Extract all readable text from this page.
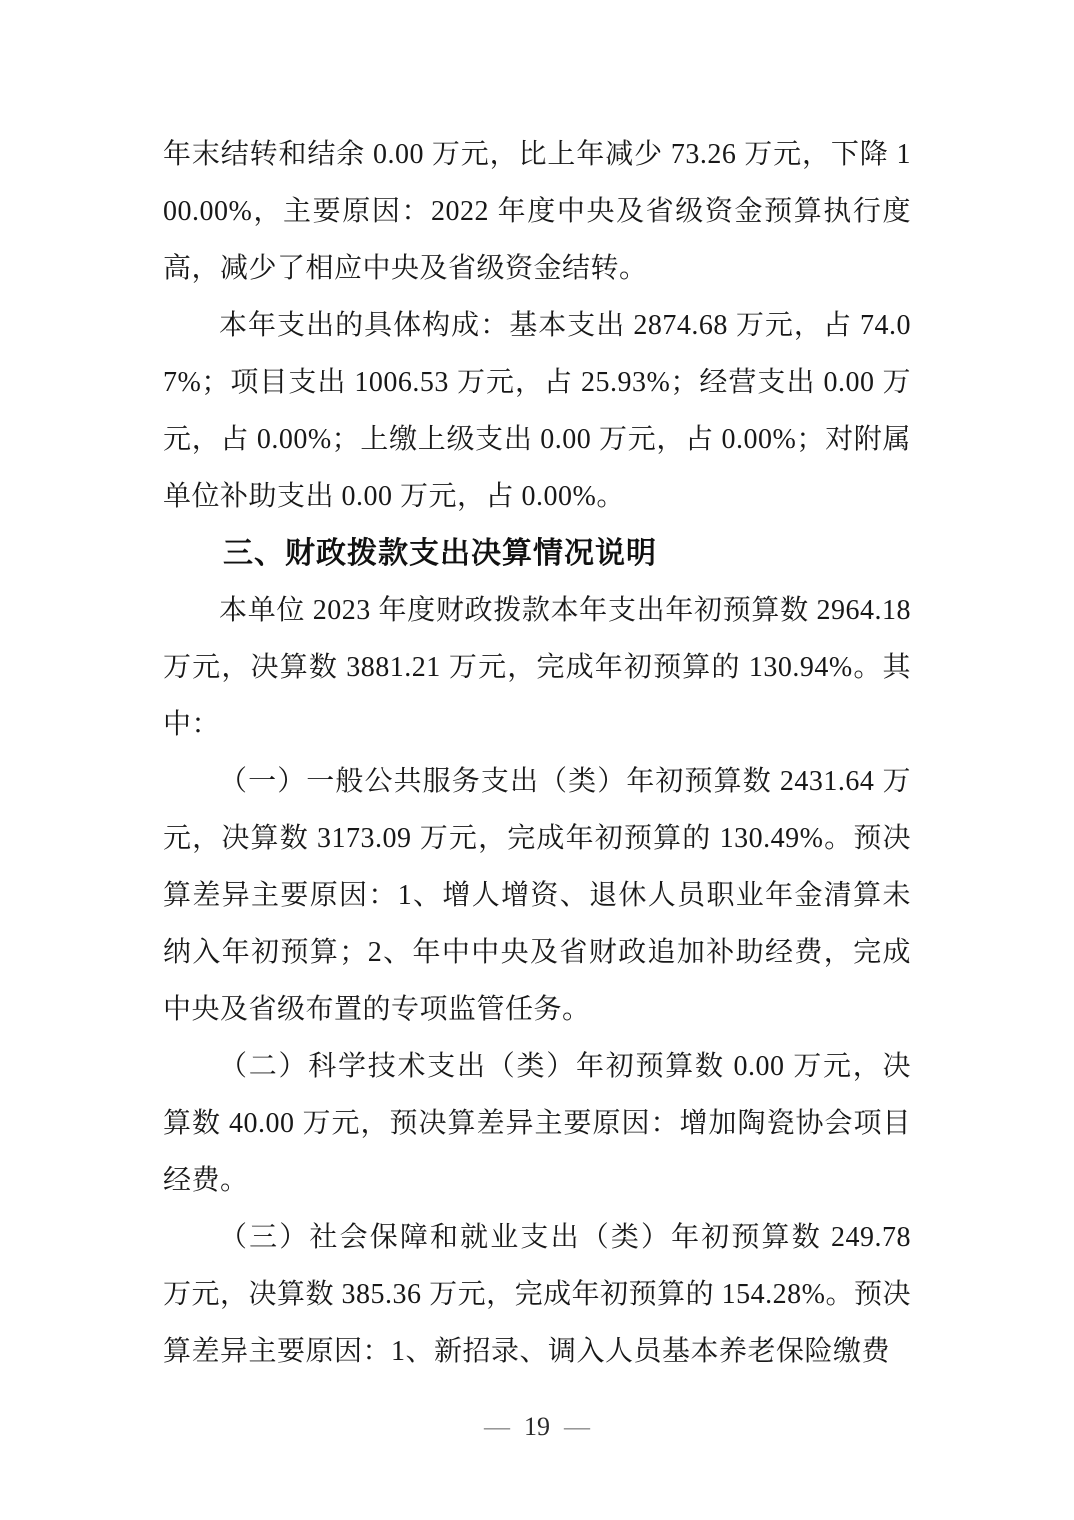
年末结转和结余 0.00 万元，比上年减少 73.26 万元，下降 100.00%，主要原因：2022 年度中央及省级资金预算执行度高，减少了相应中央及省级资金结转。

本年支出的具体构成：基本支出 2874.68 万元，占 74.07%；项目支出 1006.53 万元，占 25.93%；经营支出 0.00 万元，占 0.00%；上缴上级支出 0.00 万元，占 0.00%；对附属单位补助支出 0.00 万元，占 0.00%。

三、财政拨款支出决算情况说明

本单位 2023 年度财政拨款本年支出年初预算数 2964.18 万元，决算数 3881.21 万元，完成年初预算的 130.94%。其中：

（一）一般公共服务支出（类）年初预算数 2431.64 万元，决算数 3173.09 万元，完成年初预算的 130.49%。预决算差异主要原因：1、增人增资、退休人员职业年金清算未纳入年初预算；2、年中中央及省财政追加补助经费，完成中央及省级布置的专项监管任务。

（二）科学技术支出（类）年初预算数 0.00 万元，决算数 40.00 万元，预决算差异主要原因：增加陶瓷协会项目经费。

（三）社会保障和就业支出（类）年初预算数 249.78 万元，决算数 385.36 万元，完成年初预算的 154.28%。预决算差异主要原因：1、新招录、调入人员基本养老保险缴费

— 19 —
